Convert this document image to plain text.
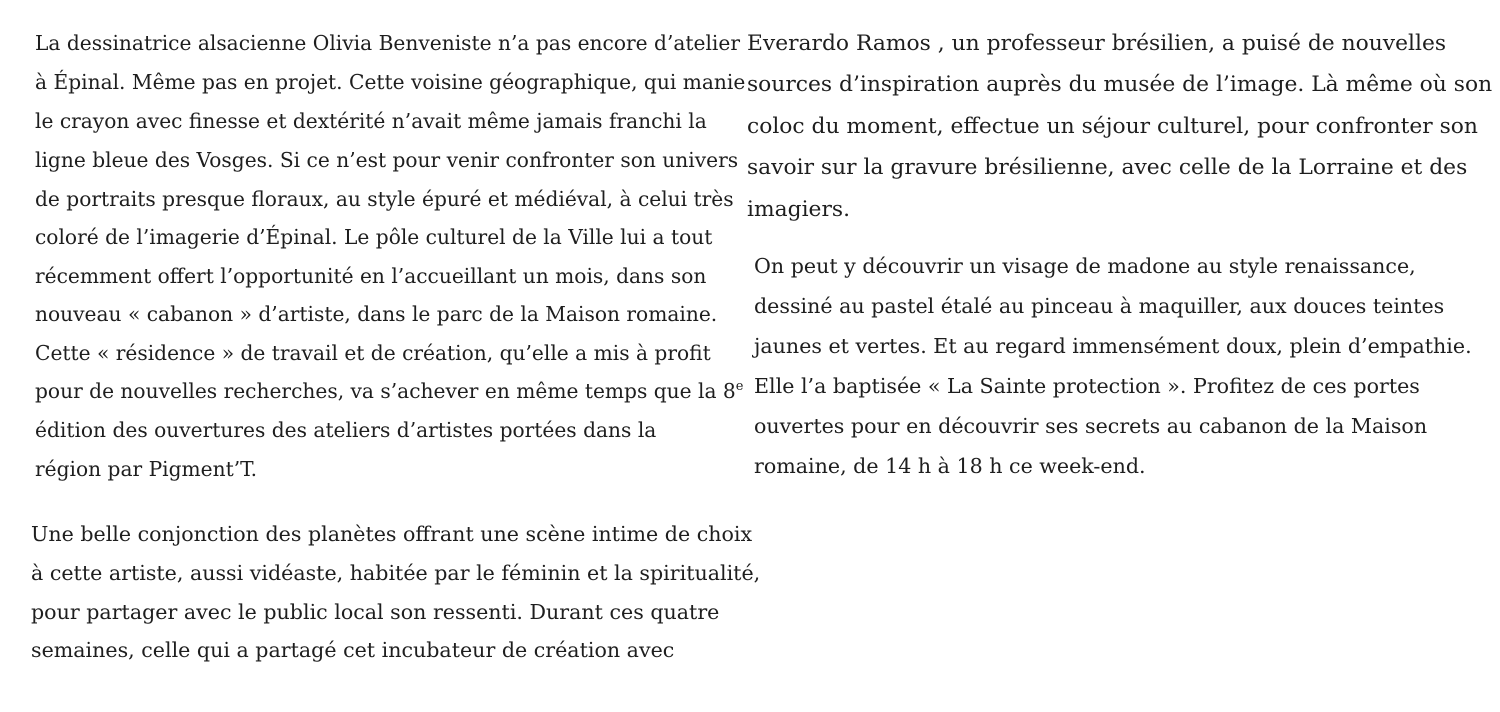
La dessinatrice alsacienne Olivia Benveniste n’a pas encore d’atelier
à Épinal. Même pas en projet. Cette voisine géographique, qui manie
le crayon avec finesse et dextérité n’avait même jamais franchi la
ligne bleue des Vosges. Si ce n’est pour venir confronter son univers
de portraits presque floraux, au style épuré et médiéval, à celui très
coloré de l’imagerie d’Épinal. Le pôle culturel de la Ville lui a tout
récemment offert l’opportunité en l’accueillant un mois, dans son
nouveau « cabanon » d’artiste, dans le parc de la Maison romaine.
Cette « résidence » de travail et de création, qu’elle a mis à profit
pour de nouvelles recherches, va s’achever en même temps que la 8e
édition des ouvertures des ateliers d’artistes portées dans la
région par Pigment’T.
Une belle conjonction des planètes offrant une scène intime de choix
à cette artiste, aussi vidéaste, habitée par le féminin et la spiritualité,
pour partager avec le public local son ressenti. Durant ces quatre
semaines, celle qui a partagé cet incubateur de création avec
Everardo Ramos , un professeur brésilien, a puisé de nouvelles
sources d’inspiration auprès du musée de l’image. Là même où son
coloc du moment, effectue un séjour culturel, pour confronter son
savoir sur la gravure brésilienne, avec celle de la Lorraine et des
imagiers.
On peut y découvrir un visage de madone au style renaissance,
dessiné au pastel étalé au pinceau à maquiller, aux douces teintes
jaunes et vertes. Et au regard immensément doux, plein d’empathie.
Elle l’a baptisée « La Sainte protection ». Profitez de ces portes
ouvertes pour en découvrir ses secrets au cabanon de la Maison
romaine, de 14 h à 18 h ce week-end.
